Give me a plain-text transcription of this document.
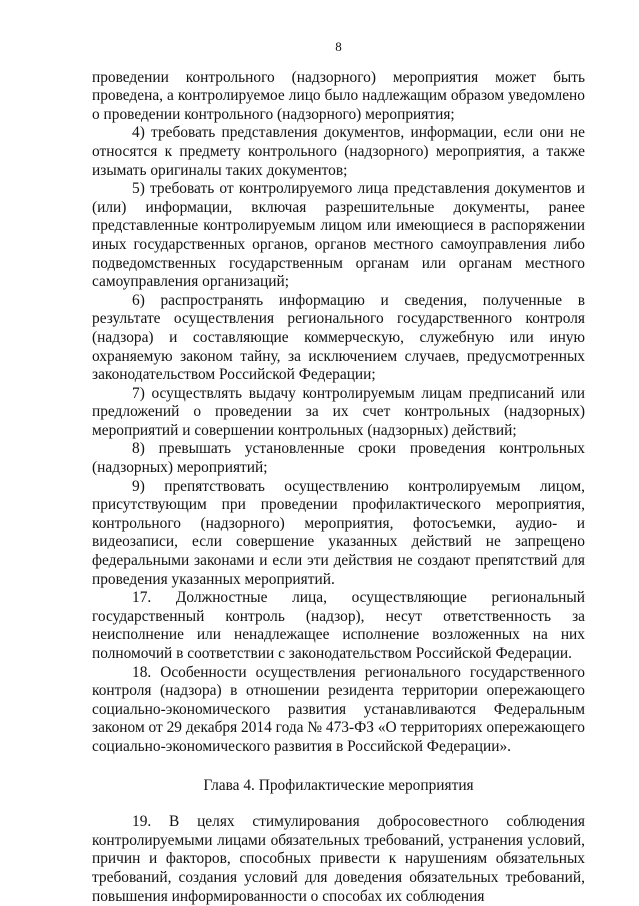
8

проведении контрольного (надзорного) мероприятия может быть проведена, а контролируемое лицо было надлежащим образом уведомлено о проведении контрольного (надзорного) мероприятия;

4) требовать представления документов, информации, если они не относятся к предмету контрольного (надзорного) мероприятия, а также изымать оригиналы таких документов;

5) требовать от контролируемого лица представления документов и (или) информации, включая разрешительные документы, ранее представленные контролируемым лицом или имеющиеся в распоряжении иных государственных органов, органов местного самоуправления либо подведомственных государственным органам или органам местного самоуправления организаций;

6) распространять информацию и сведения, полученные в результате осуществления регионального государственного контроля (надзора) и составляющие коммерческую, служебную или иную охраняемую законом тайну, за исключением случаев, предусмотренных законодательством Российской Федерации;

7) осуществлять выдачу контролируемым лицам предписаний или предложений о проведении за их счет контрольных (надзорных) мероприятий и совершении контрольных (надзорных) действий;

8) превышать установленные сроки проведения контрольных (надзорных) мероприятий;

9) препятствовать осуществлению контролируемым лицом, присутствующим при проведении профилактического мероприятия, контрольного (надзорного) мероприятия, фотосъемки, аудио- и видеозаписи, если совершение указанных действий не запрещено федеральными законами и если эти действия не создают препятствий для проведения указанных мероприятий.

17. Должностные лица, осуществляющие региональный государственный контроль (надзор), несут ответственность за неисполнение или ненадлежащее исполнение возложенных на них полномочий в соответствии с законодательством Российской Федерации.

18. Особенности осуществления регионального государственного контроля (надзора) в отношении резидента территории опережающего социально-экономического развития устанавливаются Федеральным законом от 29 декабря 2014 года № 473-ФЗ «О территориях опережающего социально-экономического развития в Российской Федерации».

Глава 4. Профилактические мероприятия

19. В целях стимулирования добросовестного соблюдения контролируемыми лицами обязательных требований, устранения условий, причин и факторов, способных привести к нарушениям обязательных требований, создания условий для доведения обязательных требований, повышения информированности о способах их соблюдения
